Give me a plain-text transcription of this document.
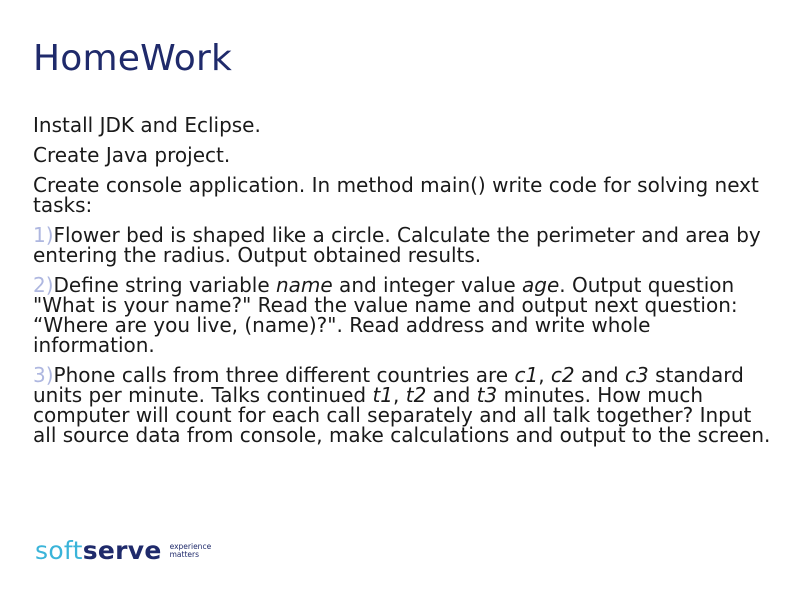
HomeWork

Install JDK and Eclipse.

Create Java project.

Create console application. In method main() write code for solving next tasks:

1)Flower bed is shaped like a circle. Calculate the perimeter and area by entering the radius. Output obtained results.

2)Define string variable name and integer value age. Output question "What is your name?" Read the value name and output next question: “Where are you live, (name)?". Read address and write whole information.

3)Phone calls from three different countries are c1, c2 and c3 standard units per minute. Talks continued t1, t2 and t3 minutes. How much computer will count for each call separately and all talk together? Input all source data from console, make calculations and output to the screen.

softserve experience
matters
